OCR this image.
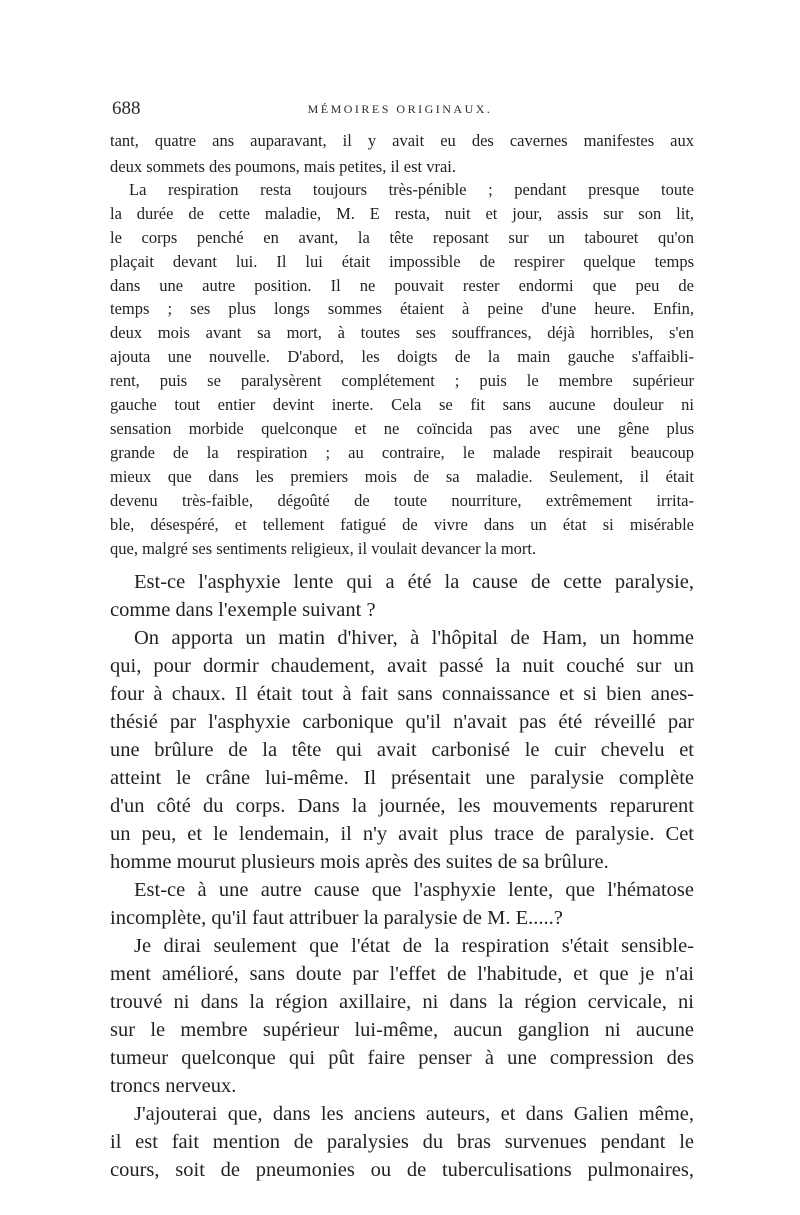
688	MÉMOIRES ORIGINAUX.
tant, quatre ans auparavant, il y avait eu des cavernes manifestes aux
deux sommets des poumons, mais petites, il est vrai.
La respiration resta toujours très-pénible ; pendant presque toute
la durée de cette maladie, M. E resta, nuit et jour, assis sur son lit,
le corps penché en avant, la tête reposant sur un tabouret qu'on
plaçait devant lui. Il lui était impossible de respirer quelque temps
dans une autre position. Il ne pouvait rester endormi que peu de
temps ; ses plus longs sommes étaient à peine d'une heure. Enfin,
deux mois avant sa mort, à toutes ses souffrances, déjà horribles, s'en
ajouta une nouvelle. D'abord, les doigts de la main gauche s'affaibli-
rent, puis se paralysèrent complétement ; puis le membre supérieur
gauche tout entier devint inerte. Cela se fit sans aucune douleur ni
sensation morbide quelconque et ne coïncida pas avec une gêne plus
grande de la respiration ; au contraire, le malade respirait beaucoup
mieux que dans les premiers mois de sa maladie. Seulement, il était
devenu très-faible, dégoûté de toute nourriture, extrêmement irrita-
ble, désespéré, et tellement fatigué de vivre dans un état si misérable
que, malgré ses sentiments religieux, il voulait devancer la mort.
Est-ce l'asphyxie lente qui a été la cause de cette paralysie,
comme dans l'exemple suivant ?
On apporta un matin d'hiver, à l'hôpital de Ham, un homme
qui, pour dormir chaudement, avait passé la nuit couché sur un
four à chaux. Il était tout à fait sans connaissance et si bien anes-
thésié par l'asphyxie carbonique qu'il n'avait pas été réveillé par
une brûlure de la tête qui avait carbonisé le cuir chevelu et
atteint le crâne lui-même. Il présentait une paralysie complète
d'un côté du corps. Dans la journée, les mouvements reparurent
un peu, et le lendemain, il n'y avait plus trace de paralysie. Cet
homme mourut plusieurs mois après des suites de sa brûlure.
Est-ce à une autre cause que l'asphyxie lente, que l'hématose
incomplète, qu'il faut attribuer la paralysie de M. E.....?
Je dirai seulement que l'état de la respiration s'était sensible-
ment amélioré, sans doute par l'effet de l'habitude, et que je n'ai
trouvé ni dans la région axillaire, ni dans la région cervicale, ni
sur le membre supérieur lui-même, aucun ganglion ni aucune
tumeur quelconque qui pût faire penser à une compression des
troncs nerveux.
J'ajouterai que, dans les anciens auteurs, et dans Galien même,
il est fait mention de paralysies du bras survenues pendant le
cours, soit de pneumonies ou de tuberculisations pulmonaires,
